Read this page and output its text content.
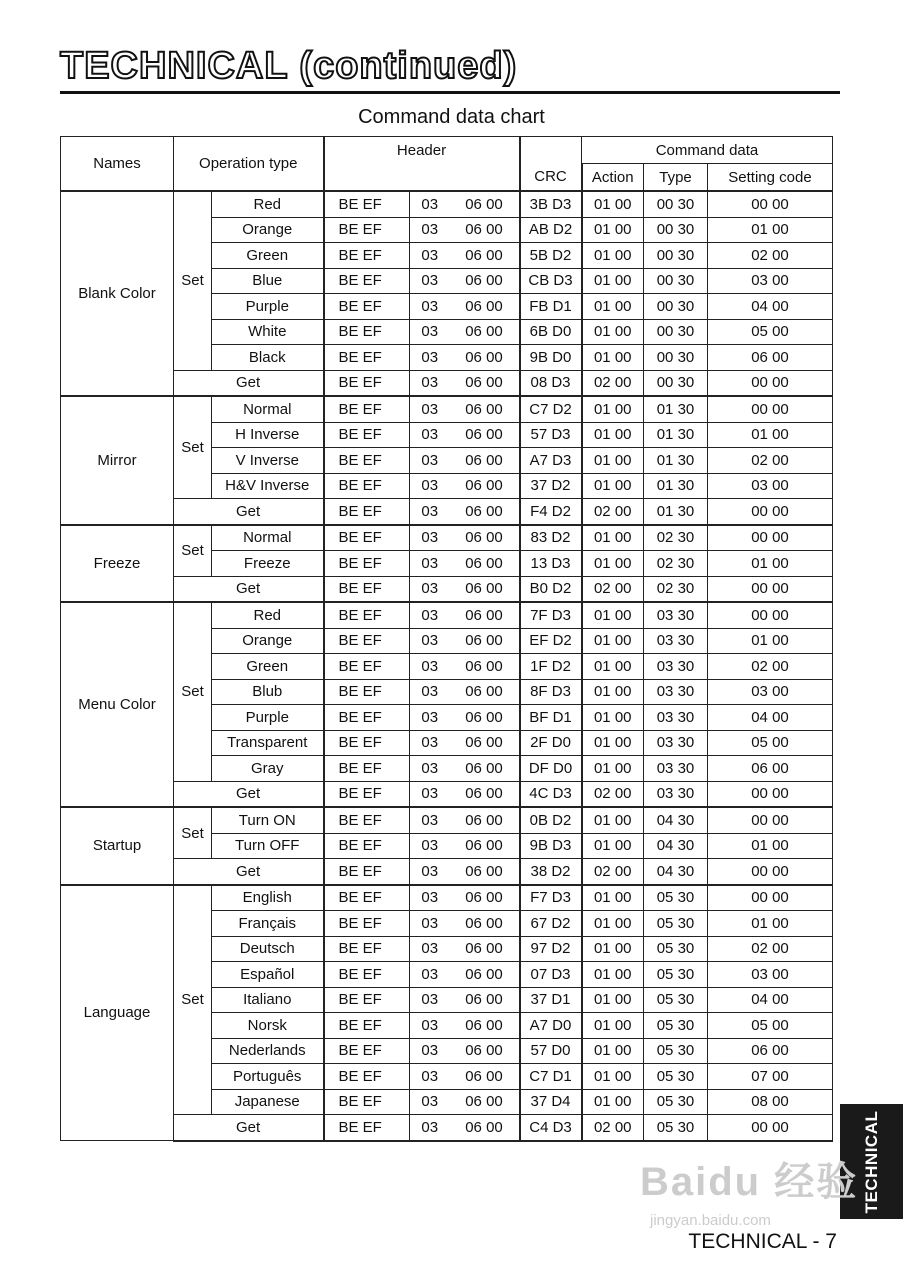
TECHNICAL (continued)
Command data chart
Names	Operation type		Header				Command data		
						CRC	Action	Type	Setting code
Blank Color	Set	Red	BE EF	03	06 00	3B D3	01 00	00 30	00 00
		Orange	BE EF	03	06 00	AB D2	01 00	00 30	01 00
		Green	BE EF	03	06 00	5B D2	01 00	00 30	02 00
		Blue	BE EF	03	06 00	CB D3	01 00	00 30	03 00
		Purple	BE EF	03	06 00	FB D1	01 00	00 30	04 00
		White	BE EF	03	06 00	6B D0	01 00	00 30	05 00
		Black	BE EF	03	06 00	9B D0	01 00	00 30	06 00
	Get		BE EF	03	06 00	08 D3	02 00	00 30	00 00
Mirror	Set	Normal	BE EF	03	06 00	C7 D2	01 00	01 30	00 00
		H Inverse	BE EF	03	06 00	57 D3	01 00	01 30	01 00
		V Inverse	BE EF	03	06 00	A7 D3	01 00	01 30	02 00
		H&V Inverse	BE EF	03	06 00	37 D2	01 00	01 30	03 00
	Get		BE EF	03	06 00	F4 D2	02 00	01 30	00 00
Freeze	Set	Normal	BE EF	03	06 00	83 D2	01 00	02 30	00 00
		Freeze	BE EF	03	06 00	13 D3	01 00	02 30	01 00
	Get		BE EF	03	06 00	B0 D2	02 00	02 30	00 00
Menu Color	Set	Red	BE EF	03	06 00	7F D3	01 00	03 30	00 00
		Orange	BE EF	03	06 00	EF D2	01 00	03 30	01 00
		Green	BE EF	03	06 00	1F D2	01 00	03 30	02 00
		Blub	BE EF	03	06 00	8F D3	01 00	03 30	03 00
		Purple	BE EF	03	06 00	BF D1	01 00	03 30	04 00
		Transparent	BE EF	03	06 00	2F D0	01 00	03 30	05 00
		Gray	BE EF	03	06 00	DF D0	01 00	03 30	06 00
	Get		BE EF	03	06 00	4C D3	02 00	03 30	00 00
Startup	Set	Turn ON	BE EF	03	06 00	0B D2	01 00	04 30	00 00
		Turn OFF	BE EF	03	06 00	9B D3	01 00	04 30	01 00
	Get		BE EF	03	06 00	38 D2	02 00	04 30	00 00
Language	Set	English	BE EF	03	06 00	F7 D3	01 00	05 30	00 00
		Français	BE EF	03	06 00	67 D2	01 00	05 30	01 00
		Deutsch	BE EF	03	06 00	97 D2	01 00	05 30	02 00
		Español	BE EF	03	06 00	07 D3	01 00	05 30	03 00
		Italiano	BE EF	03	06 00	37 D1	01 00	05 30	04 00
		Norsk	BE EF	03	06 00	A7 D0	01 00	05 30	05 00
		Nederlands	BE EF	03	06 00	57 D0	01 00	05 30	06 00
		Português	BE EF	03	06 00	C7 D1	01 00	05 30	07 00
		Japanese	BE EF	03	06 00	37 D4	01 00	05 30	08 00
	Get		BE EF	03	06 00	C4 D3	02 00	05 30	00 00	TECHNICAL
Baidu 经验
jingyan.baidu.com
TECHNICAL - 7
